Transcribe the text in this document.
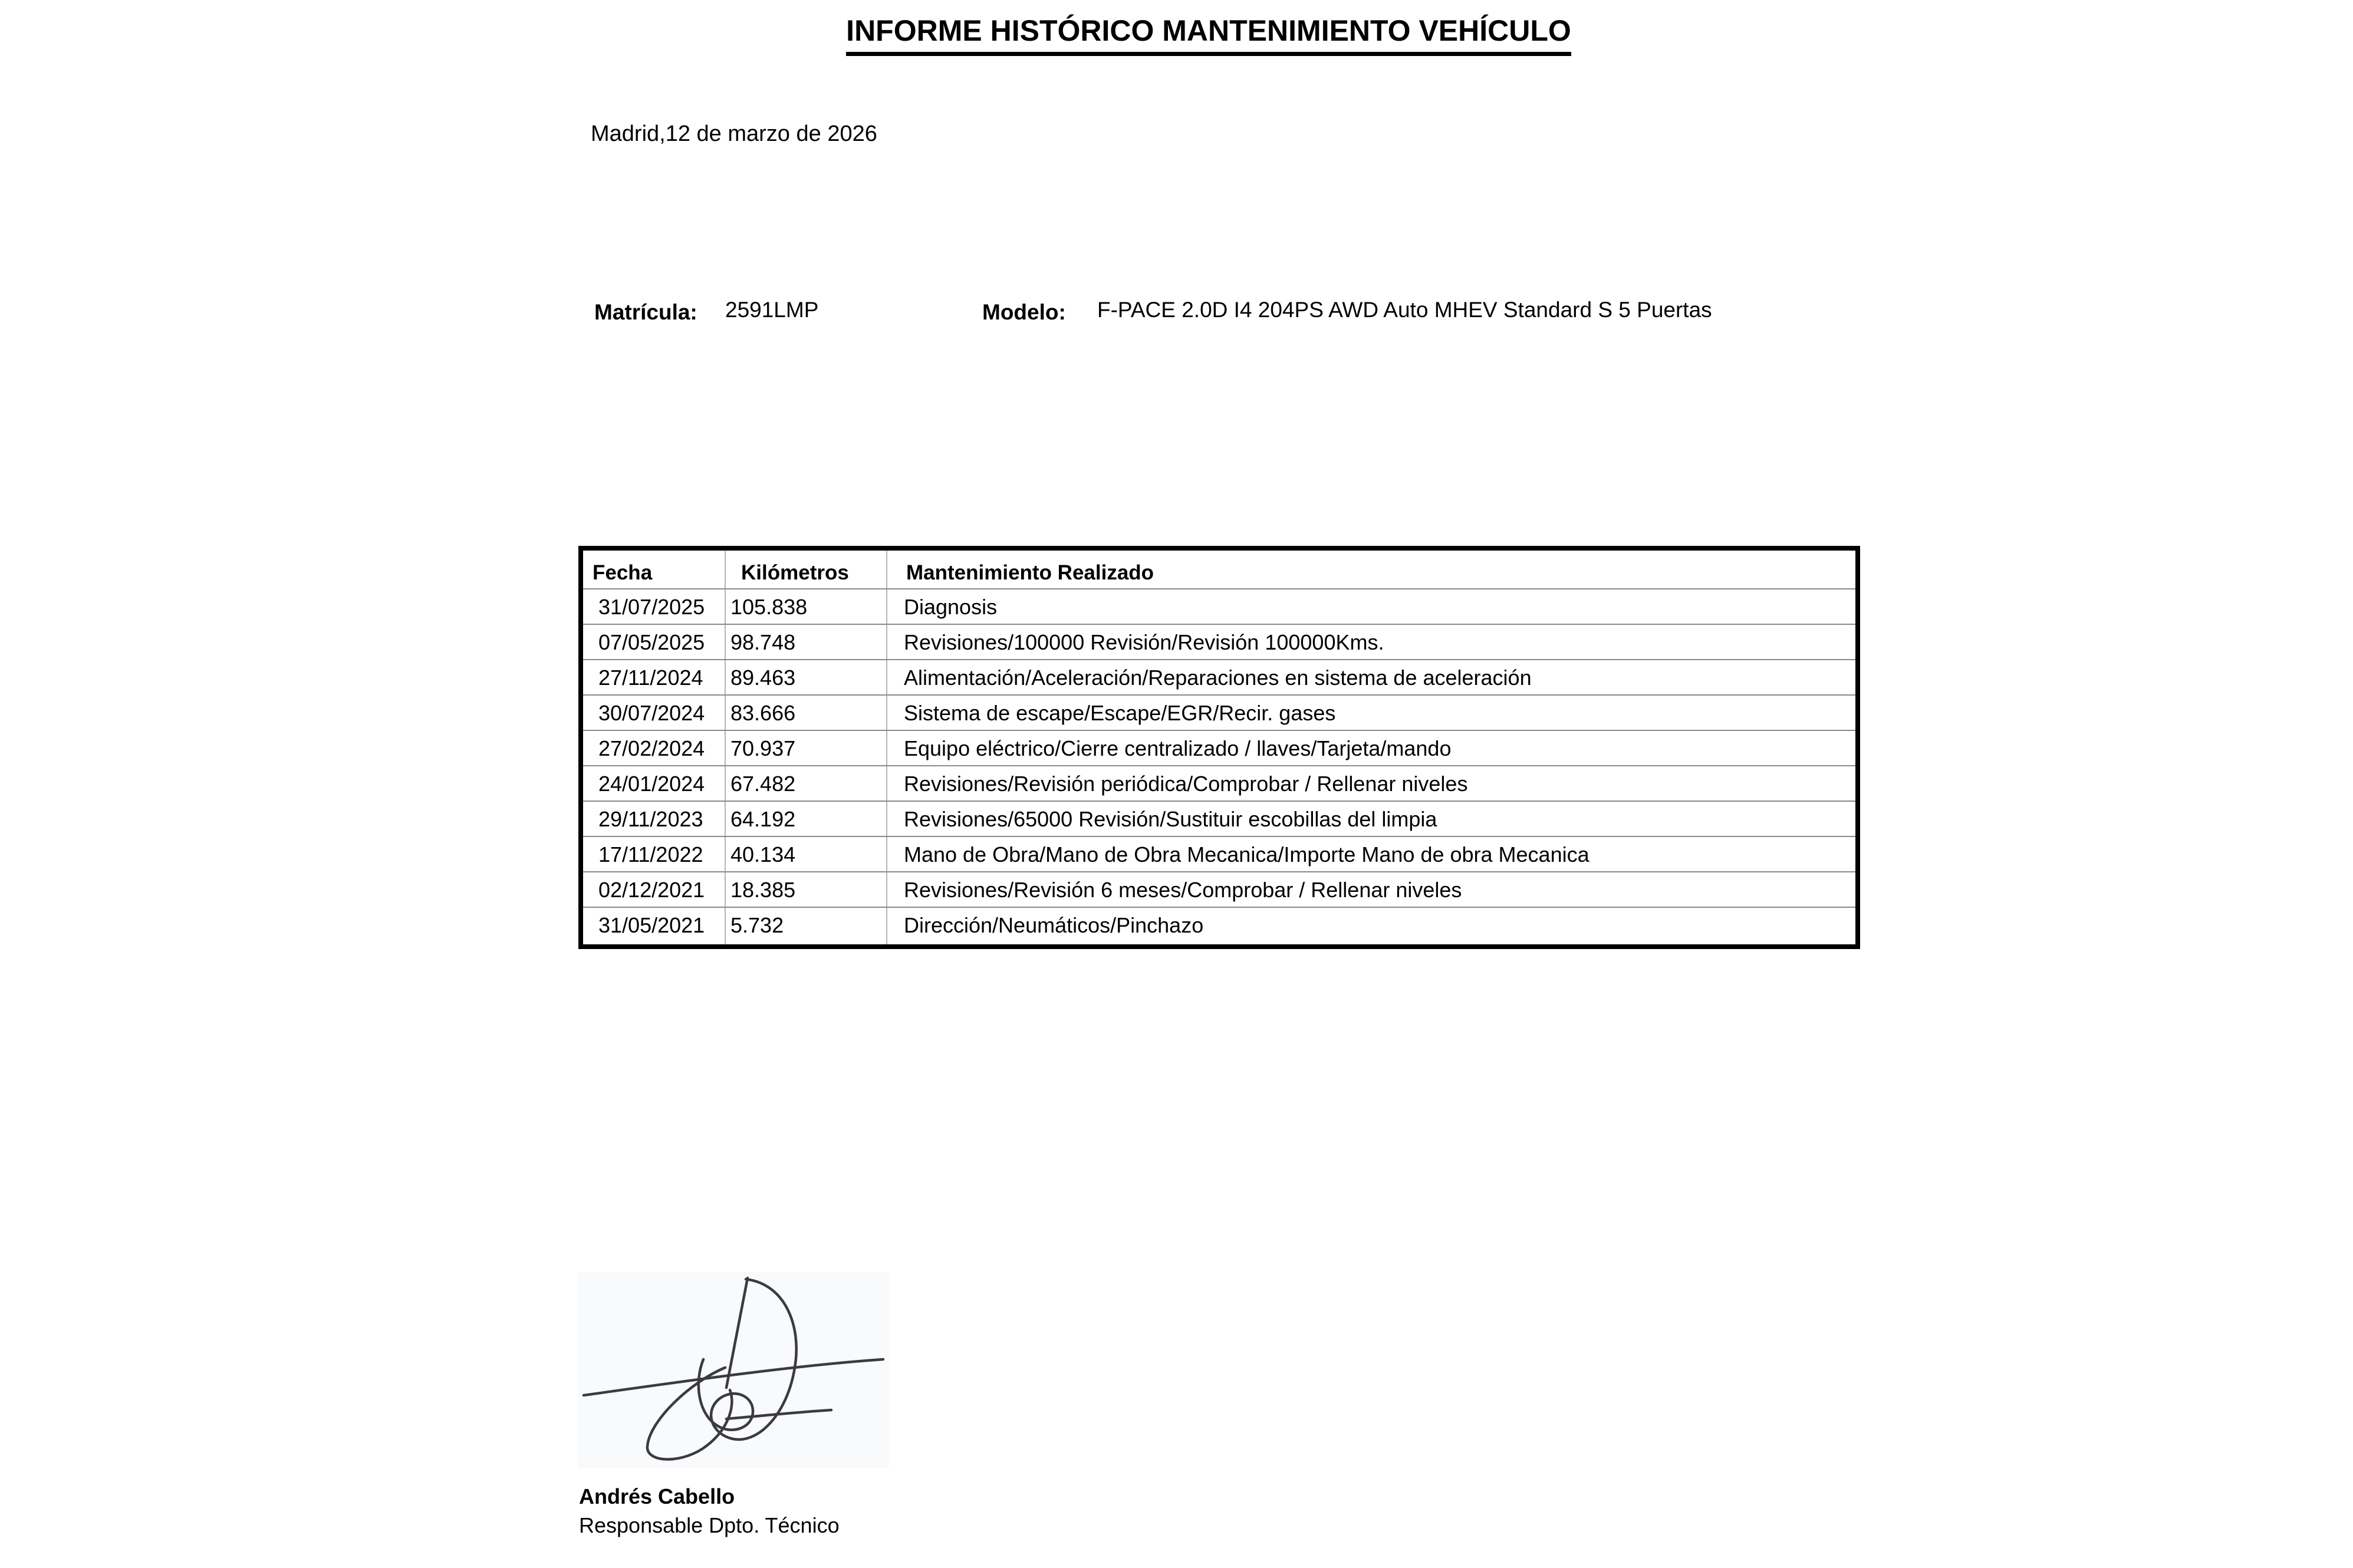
INFORME HISTÓRICO MANTENIMIENTO VEHÍCULO
Madrid,12 de marzo de 2026
Matrícula: 2591LMP	Modelo: F-PACE 2.0D I4 204PS AWD Auto MHEV Standard S 5 Puertas
Fecha	Kilómetros	Mantenimiento Realizado
31/07/2025	105.838	Diagnosis
07/05/2025	98.748	Revisiones/100000 Revisión/Revisión 100000Kms.
27/11/2024	89.463	Alimentación/Aceleración/Reparaciones en sistema de aceleración
30/07/2024	83.666	Sistema de escape/Escape/EGR/Recir. gases
27/02/2024	70.937	Equipo eléctrico/Cierre centralizado / llaves/Tarjeta/mando
24/01/2024	67.482	Revisiones/Revisión periódica/Comprobar / Rellenar niveles
29/11/2023	64.192	Revisiones/65000 Revisión/Sustituir escobillas del limpia
17/11/2022	40.134	Mano de Obra/Mano de Obra Mecanica/Importe Mano de obra Mecanica
02/12/2021	18.385	Revisiones/Revisión 6 meses/Comprobar / Rellenar niveles
31/05/2021	5.732	Dirección/Neumáticos/Pinchazo
Andrés Cabello
Responsable Dpto. Técnico
